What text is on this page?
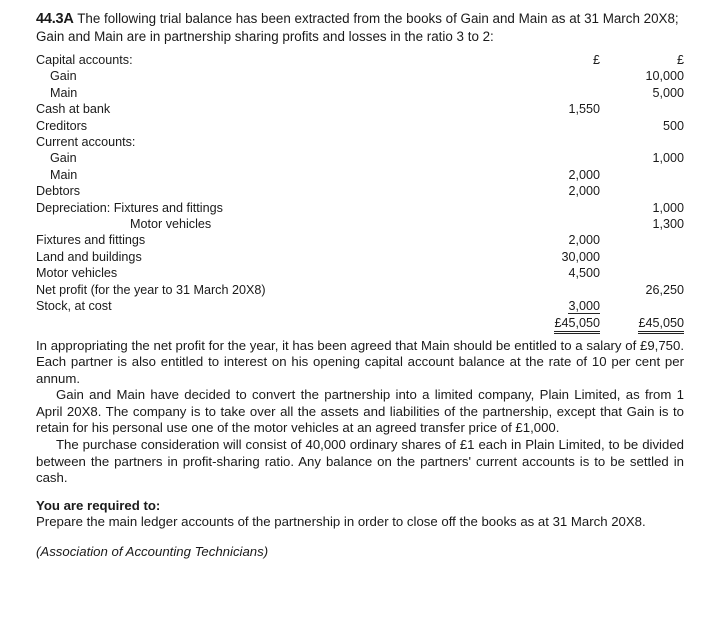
44.3A The following trial balance has been extracted from the books of Gain and Main as at 31 March 20X8; Gain and Main are in partnership sharing profits and losses in the ratio 3 to 2:

Capital accounts:	£	£
Gain		10,000
Main		5,000
Cash at bank	1,550	
Creditors		500
Current accounts:		
Gain		1,000
Main	2,000	
Debtors	2,000	
Depreciation: Fixtures and fittings		1,000
Motor vehicles		1,300
Fixtures and fittings	2,000	
Land and buildings	30,000	
Motor vehicles	4,500	
Net profit (for the year to 31 March 20X8)		26,250
Stock, at cost	3,000	
	£45,050	£45,050

In appropriating the net profit for the year, it has been agreed that Main should be entitled to a salary of £9,750. Each partner is also entitled to interest on his opening capital account balance at the rate of 10 per cent per annum.

Gain and Main have decided to convert the partnership into a limited company, Plain Limited, as from 1 April 20X8. The company is to take over all the assets and liabilities of the partnership, except that Gain is to retain for his personal use one of the motor vehicles at an agreed transfer price of £1,000.

The purchase consideration will consist of 40,000 ordinary shares of £1 each in Plain Limited, to be divided between the partners in profit-sharing ratio. Any balance on the partners' current accounts is to be settled in cash.

You are required to:

Prepare the main ledger accounts of the partnership in order to close off the books as at 31 March 20X8.

(Association of Accounting Technicians)
